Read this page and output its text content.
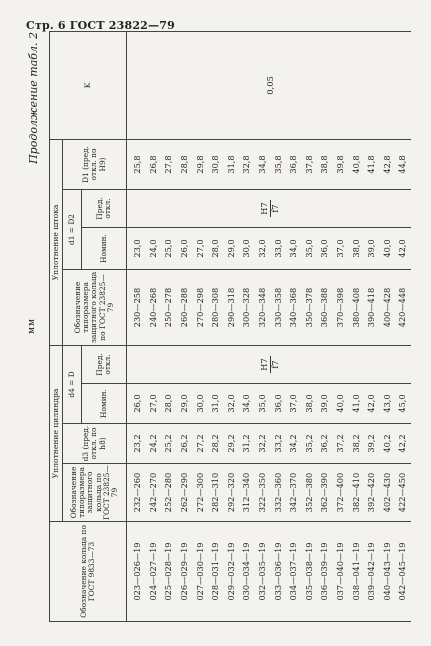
Стр. 6 ГОСТ 23822—79
мм
Продолжение табл. 2
Обозначение кольца по ГОСТ 9833—73	Уплотнение цилиндра				Уплотнение штока				K
	Обозначение типоразмера защитного кольца по ГОСТ 23825—79	d3 (пред. откл. по h8)	d4 = D		Обозначение типоразмера защитного кольца по ГОСТ 23825—79	d1 = D2		D1 (пред. откл. по H9)	
			Номин.	Пред. откл.		Номин.	Пред. откл.		
023—026—19	232—260	23,2	26,0	H7 f7	230—258	23,0	H7 f7	25,8	0,05
024—027—19	242—270	24,2	27,0		240—268	24,0		26,8	
025—028—19	252—280	25,2	28,0		250—278	25,0		27,8	
026—029—19	262—290	26,2	29,0		260—288	26,0		28,8	
027—030—19	272—300	27,2	30,0		270—298	27,0		29,8	
028—031—19	282—310	28,2	31,0		280—308	28,0		30,8	
029—032—19	292—320	29,2	32,0		290—318	29,0		31,8	
030—034—19	312—340	31,2	34,0		300—328	30,0		32,8	
032—035—19	322—350	32,2	35,0		320—348	32,0		34,8	
033—036—19	332—360	33,2	36,0		330—358	33,0		35,8	
034—037—19	342—370	34,2	37,0		340—368	34,0		36,8	
035—038—19	352—380	35,2	38,0		350—378	35,0		37,8	
036—039—19	362—390	36,2	39,0		360—388	36,0		38,8	
037—040—19	372—400	37,2	40,0		370—398	37,0		39,8	
038—041—19	382—410	38,2	41,0		380—408	38,0		40,8	
039—042—19	392—420	39,2	42,0		390—418	39,0		41,8	
040—043—19	402—430	40,2	43,0		400—428	40,0		42,8	
042—045—19	422—450	42,2	45,0		420—448	42,0		44,8	
